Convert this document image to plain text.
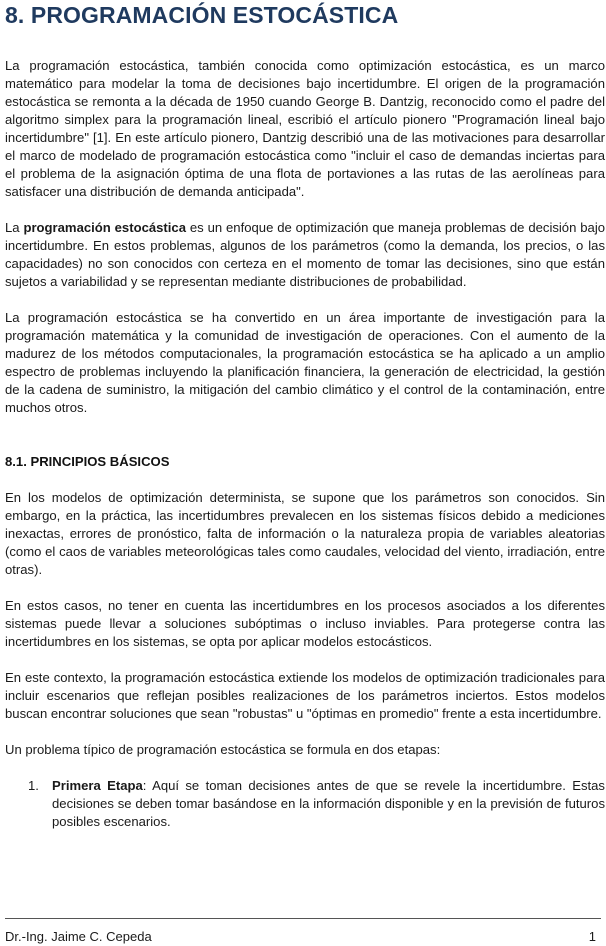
8. PROGRAMACIÓN ESTOCÁSTICA

La programación estocástica, también conocida como optimización estocástica, es un marco matemático para modelar la toma de decisiones bajo incertidumbre. El origen de la programación estocástica se remonta a la década de 1950 cuando George B. Dantzig, reconocido como el padre del algoritmo simplex para la programación lineal, escribió el artículo pionero "Programación lineal bajo incertidumbre" [1]. En este artículo pionero, Dantzig describió una de las motivaciones para desarrollar el marco de modelado de programación estocástica como "incluir el caso de demandas inciertas para el problema de la asignación óptima de una flota de portaviones a las rutas de las aerolíneas para satisfacer una distribución de demanda anticipada".

La programación estocástica es un enfoque de optimización que maneja problemas de decisión bajo incertidumbre. En estos problemas, algunos de los parámetros (como la demanda, los precios, o las capacidades) no son conocidos con certeza en el momento de tomar las decisiones, sino que están sujetos a variabilidad y se representan mediante distribuciones de probabilidad.

La programación estocástica se ha convertido en un área importante de investigación para la programación matemática y la comunidad de investigación de operaciones. Con el aumento de la madurez de los métodos computacionales, la programación estocástica se ha aplicado a un amplio espectro de problemas incluyendo la planificación financiera, la generación de electricidad, la gestión de la cadena de suministro, la mitigación del cambio climático y el control de la contaminación, entre muchos otros.

8.1. PRINCIPIOS BÁSICOS

En los modelos de optimización determinista, se supone que los parámetros son conocidos. Sin embargo, en la práctica, las incertidumbres prevalecen en los sistemas físicos debido a mediciones inexactas, errores de pronóstico, falta de información o la naturaleza propia de variables aleatorias (como el caos de variables meteorológicas tales como caudales, velocidad del viento, irradiación, entre otras).

En estos casos, no tener en cuenta las incertidumbres en los procesos asociados a los diferentes sistemas puede llevar a soluciones subóptimas o incluso inviables. Para protegerse contra las incertidumbres en los sistemas, se opta por aplicar modelos estocásticos.

En este contexto, la programación estocástica extiende los modelos de optimización tradicionales para incluir escenarios que reflejan posibles realizaciones de los parámetros inciertos. Estos modelos buscan encontrar soluciones que sean "robustas" u "óptimas en promedio" frente a esta incertidumbre.

Un problema típico de programación estocástica se formula en dos etapas:

1. Primera Etapa: Aquí se toman decisiones antes de que se revele la incertidumbre. Estas decisiones se deben tomar basándose en la información disponible y en la previsión de futuros posibles escenarios.

Dr.-Ing. Jaime C. Cepeda	1
